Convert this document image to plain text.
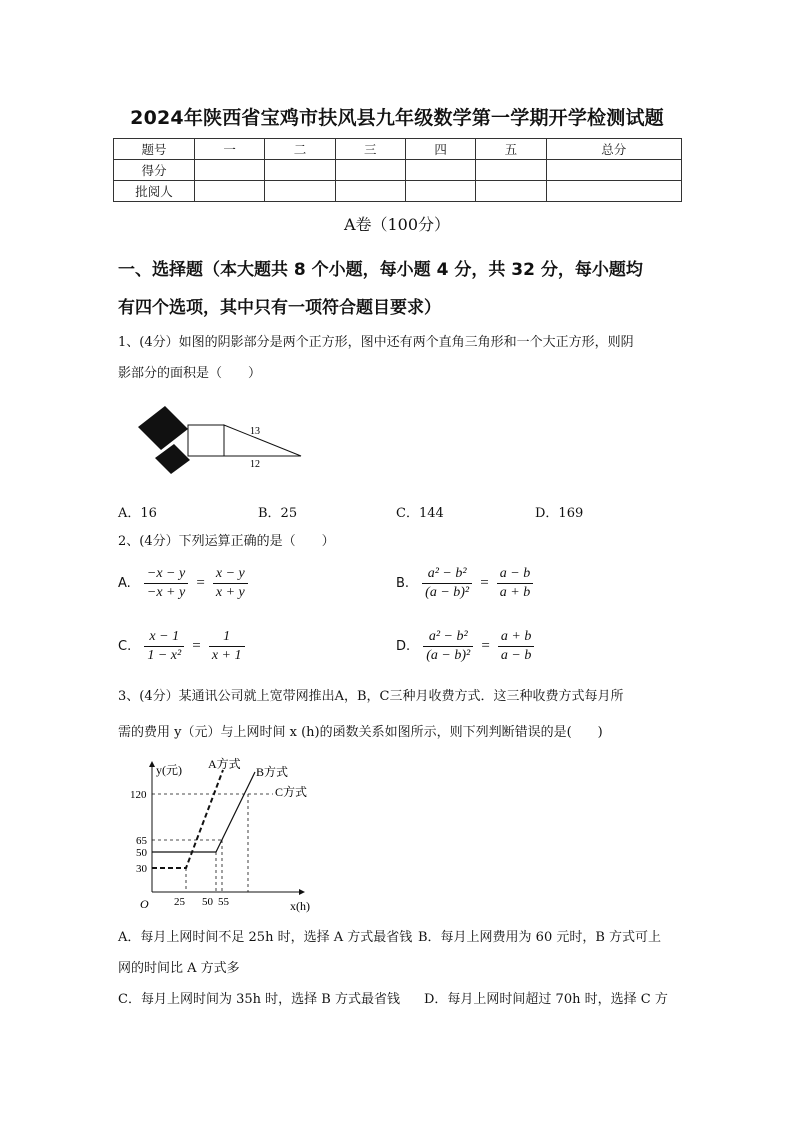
2024年陕西省宝鸡市扶风县九年级数学第一学期开学检测试题
题号	一	二	三	四	五	总分
得分						
批阅人						
A卷（100分）
一、选择题（本大题共 8 个小题，每小题 4 分，共 32 分，每小题均
有四个选项，其中只有一项符合题目要求）
1、(4分）如图的阴影部分是两个正方形，图中还有两个直角三角形和一个大正方形，则阴
影部分的面积是（　　）
13
12
A．16	B．25	C．144	D．169
2、(4分）下列运算正确的是（　　）
A. $\frac{-x - y}{-x + y} = \frac{x - y}{x + y}$	B. $\frac{\text{a² − b²}}{\text{(a − b)²}} = \frac{a - b}{a + b}$
C. $\frac{x - 1}{\text{1 − x²}} = \frac{1}{x + 1}$	D. $\frac{\text{a² − b²}}{\text{(a − b)²}} = \frac{a + b}{a - b}$
3、(4分）某通讯公司就上宽带网推出A，B，C三种月收费方式．这三种收费方式每月所
需的费用 y（元）与上网时间 x (h)的函数关系如图所示，则下列判断错误的是(　　)
y(元)
x(h)
O
120
65
50
30
25 50 55
A方式
B方式
C方式
A．每月上网时间不足 25h 时，选择 A 方式最省钱 B．每月上网费用为 60 元时，B 方式可上
网的时间比 A 方式多
C．每月上网时间为 35h 时，选择 B 方式最省钱 D．每月上网时间超过 70h 时，选择 C 方
